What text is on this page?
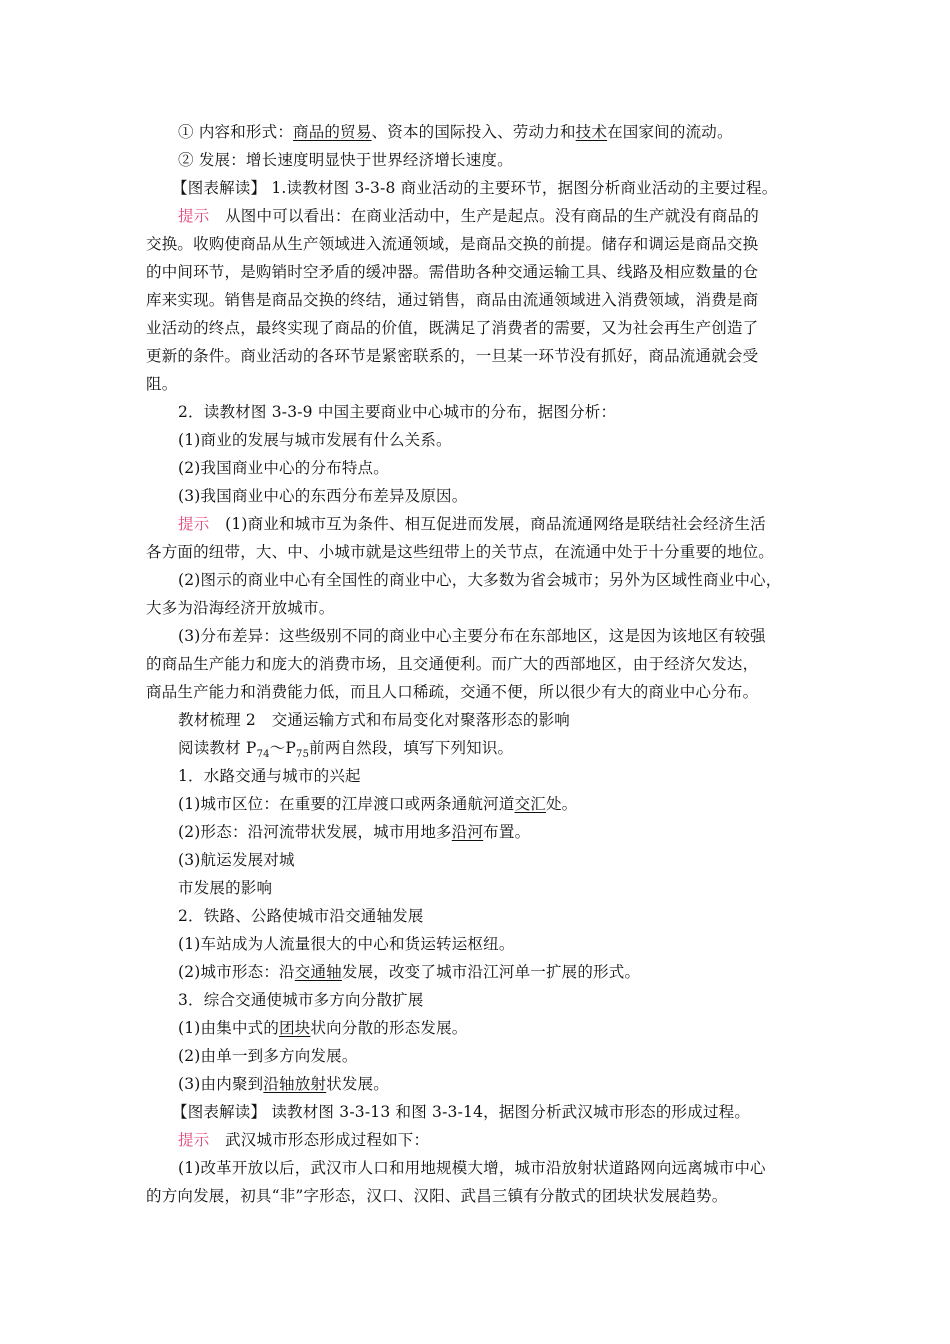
① 内容和形式：商品的贸易、资本的国际投入、劳动力和技术在国家间的流动。
② 发展：增长速度明显快于世界经济增长速度。
【图表解读】 1.读教材图 3-3-8 商业活动的主要环节，据图分析商业活动的主要过程。
提示　从图中可以看出：在商业活动中，生产是起点。没有商品的生产就没有商品的
交换。收购使商品从生产领域进入流通领域，是商品交换的前提。储存和调运是商品交换
的中间环节，是购销时空矛盾的缓冲器。需借助各种交通运输工具、线路及相应数量的仓
库来实现。销售是商品交换的终结，通过销售，商品由流通领域进入消费领域，消费是商
业活动的终点，最终实现了商品的价值，既满足了消费者的需要，又为社会再生产创造了
更新的条件。商业活动的各环节是紧密联系的，一旦某一环节没有抓好，商品流通就会受
阻。
2．读教材图 3-3-9 中国主要商业中心城市的分布，据图分析：
(1)商业的发展与城市发展有什么关系。
(2)我国商业中心的分布特点。
(3)我国商业中心的东西分布差异及原因。
提示　(1)商业和城市互为条件、相互促进而发展，商品流通网络是联结社会经济生活
各方面的纽带，大、中、小城市就是这些纽带上的关节点，在流通中处于十分重要的地位。
(2)图示的商业中心有全国性的商业中心，大多数为省会城市；另外为区域性商业中心，
大多为沿海经济开放城市。
(3)分布差异：这些级别不同的商业中心主要分布在东部地区，这是因为该地区有较强
的商品生产能力和庞大的消费市场，且交通便利。而广大的西部地区，由于经济欠发达，
商品生产能力和消费能力低，而且人口稀疏，交通不便，所以很少有大的商业中心分布。
教材梳理 2　交通运输方式和布局变化对聚落形态的影响
阅读教材 $P_{74}\sim P_{75}$前两自然段，填写下列知识。
1．水路交通与城市的兴起
(1)城市区位：在重要的江岸渡口或两条通航河道交汇处。
(2)形态：沿河流带状发展，城市用地多沿河布置。
(3)航运发展对城
市发展的影响
2．铁路、公路使城市沿交通轴发展
(1)车站成为人流量很大的中心和货运转运枢纽。
(2)城市形态：沿交通轴发展，改变了城市沿江河单一扩展的形式。
3．综合交通使城市多方向分散扩展
(1)由集中式的团块状向分散的形态发展。
(2)由单一到多方向发展。
(3)由内聚到沿轴放射状发展。
【图表解读】 读教材图 3-3-13 和图 3-3-14，据图分析武汉城市形态的形成过程。
提示　武汉城市形态形成过程如下：
(1)改革开放以后，武汉市人口和用地规模大增，城市沿放射状道路网向远离城市中心
的方向发展，初具“非”字形态，汉口、汉阳、武昌三镇有分散式的团块状发展趋势。
